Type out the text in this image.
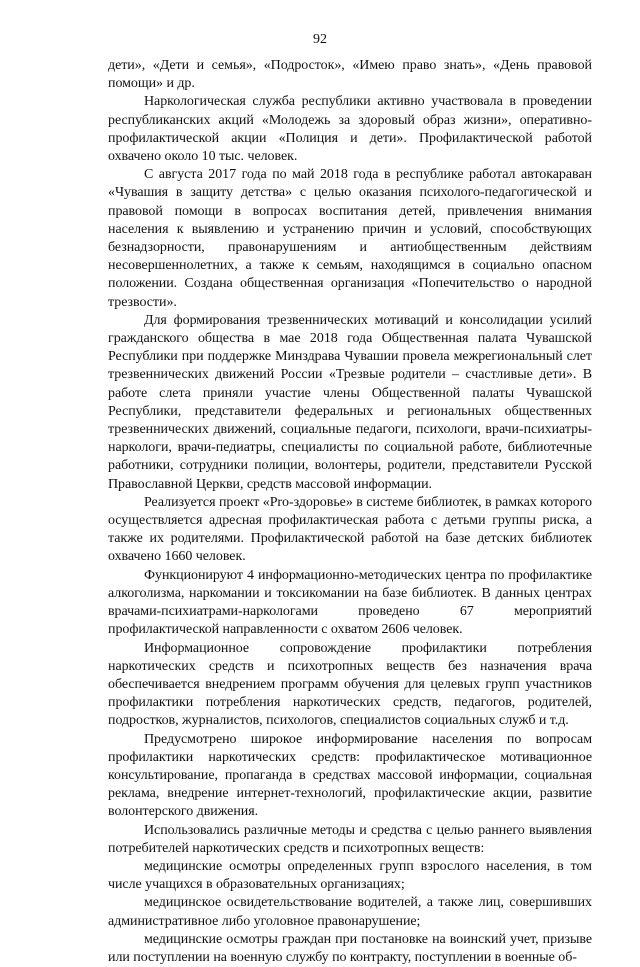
92

дети», «Дети и семья», «Подросток», «Имею право знать», «День правовой помощи» и др.

Наркологическая служба республики активно участвовала в проведении республиканских акций «Молодежь за здоровый образ жизни», оперативно-профилактической акции «Полиция и дети». Профилактической работой охвачено около 10 тыс. человек.

С августа 2017 года по май 2018 года в республике работал автокараван «Чувашия в защиту детства» с целью оказания психолого-педагогической и правовой помощи в вопросах воспитания детей, привлечения внимания населения к выявлению и устранению причин и условий, способствующих безнадзорности, правонарушениям и антиобщественным действиям несовершеннолетних, а также к семьям, находящимся в социально опасном положении. Создана общественная организация «Попечительство о народной трезвости».

Для формирования трезвеннических мотиваций и консолидации усилий гражданского общества в мае 2018 года Общественная палата Чувашской Республики при поддержке Минздрава Чувашии провела межрегиональный слет трезвеннических движений России «Трезвые родители – счастливые дети». В работе слета приняли участие члены Общественной палаты Чувашской Республики, представители федеральных и региональных общественных трезвеннических движений, социальные педагоги, психологи, врачи-психиатры-наркологи, врачи-педиатры, специалисты по социальной работе, библиотечные работники, сотрудники полиции, волонтеры, родители, представители Русской Православной Церкви, средств массовой информации.

Реализуется проект «Pro-здоровье» в системе библиотек, в рамках которого осуществляется адресная профилактическая работа с детьми группы риска, а также их родителями. Профилактической работой на базе детских библиотек охвачено 1660 человек.

Функционируют 4 информационно-методических центра по профилактике алкоголизма, наркомании и токсикомании на базе библиотек. В данных центрах врачами-психиатрами-наркологами проведено 67 мероприятий профилактической направленности с охватом 2606 человек.

Информационное сопровождение профилактики потребления наркотических средств и психотропных веществ без назначения врача обеспечивается внедрением программ обучения для целевых групп участников профилактики потребления наркотических средств, педагогов, родителей, подростков, журналистов, психологов, специалистов социальных служб и т.д.

Предусмотрено широкое информирование населения по вопросам профилактики наркотических средств: профилактическое мотивационное консультирование, пропаганда в средствах массовой информации, социальная реклама, внедрение интернет-технологий, профилактические акции, развитие волонтерского движения.

Использовались различные методы и средства с целью раннего выявления потребителей наркотических средств и психотропных веществ:

медицинские осмотры определенных групп взрослого населения, в том числе учащихся в образовательных организациях;

медицинское освидетельствование водителей, а также лиц, совершивших административное либо уголовное правонарушение;

медицинские осмотры граждан при постановке на воинский учет, призыве или поступлении на военную службу по контракту, поступлении в военные об-
